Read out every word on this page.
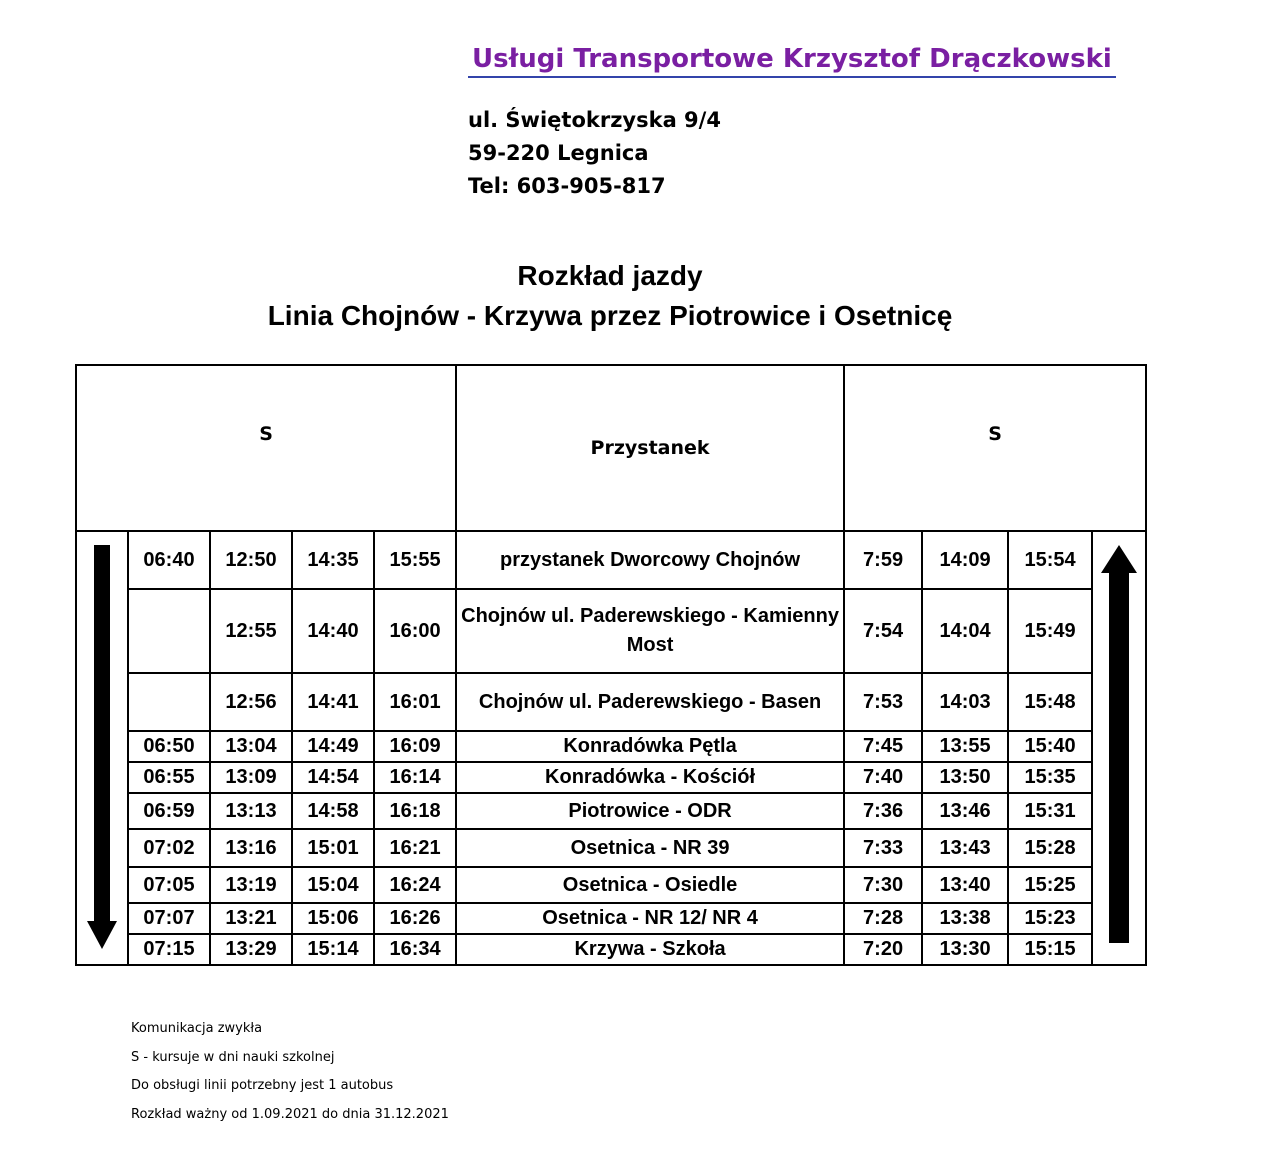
Usługi Transportowe Krzysztof Drączkowski
ul. Świętokrzyska 9/4
59-220 Legnica
Tel: 603-905-817
Rozkład jazdy
Linia Chojnów - Krzywa przez Piotrowice i Osetnicę
S					Przystanek	S			

	06:40	12:50	14:35	15:55	przystanek Dworcowy Chojnów	7:59	14:09	15:54	

		12:55	14:40	16:00	Chojnów ul. Paderewskiego - Kamienny Most	7:54	14:04	15:49	
		12:56	14:41	16:01	Chojnów ul. Paderewskiego - Basen	7:53	14:03	15:48	
	06:50	13:04	14:49	16:09	Konradówka Pętla	7:45	13:55	15:40	
	06:55	13:09	14:54	16:14	Konradówka - Kościół	7:40	13:50	15:35	
	06:59	13:13	14:58	16:18	Piotrowice - ODR	7:36	13:46	15:31	
	07:02	13:16	15:01	16:21	Osetnica - NR 39	7:33	13:43	15:28	
	07:05	13:19	15:04	16:24	Osetnica - Osiedle	7:30	13:40	15:25	
	07:07	13:21	15:06	16:26	Osetnica - NR 12/ NR 4	7:28	13:38	15:23	
	07:15	13:29	15:14	16:34	Krzywa - Szkoła	7:20	13:30	15:15	
Komunikacja zwykła
S - kursuje w dni nauki szkolnej
Do obsługi linii potrzebny jest 1 autobus
Rozkład ważny od 1.09.2021 do dnia 31.12.2021
